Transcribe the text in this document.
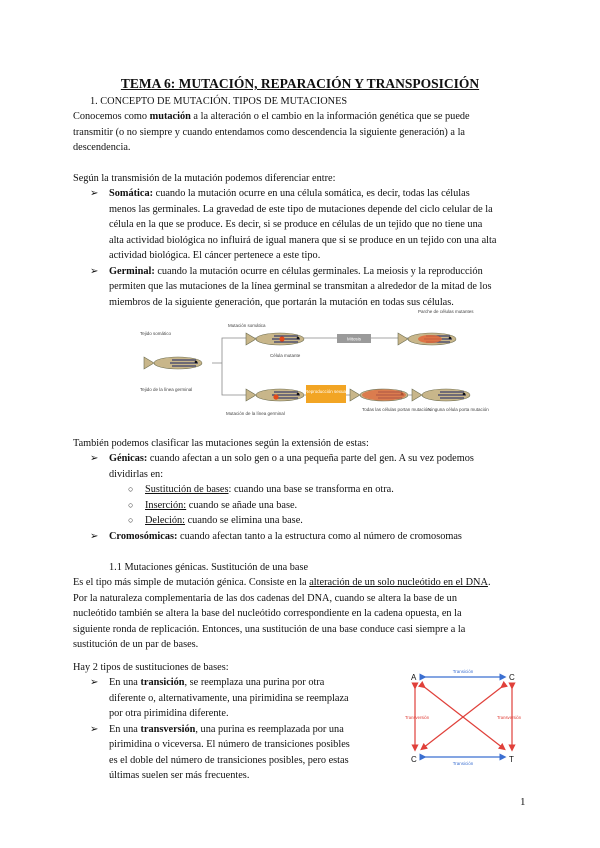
TEMA 6: MUTACIÓN, REPARACIÓN Y TRANSPOSICIÓN
1. CONCEPTO DE MUTACIÓN. TIPOS DE MUTACIONES
Conocemos como mutación a la alteración o el cambio en la información genética que se puede
transmitir (o no siempre y cuando entendamos como descendencia la siguiente generación) a la
descendencia.
Según la transmisión de la mutación podemos diferenciar entre:
➢ Somática: cuando la mutación ocurre en una célula somática, es decir, todas las células
menos las germinales. La gravedad de este tipo de mutaciones depende del ciclo celular de la
célula en la que se produce. Es decir, si se produce en células de un tejido que no tiene una
alta actividad biológica no influirá de igual manera que si se produce en un tejido con una alta
actividad biológica. El cáncer pertenece a este tipo.
➢ Germinal: cuando la mutación ocurre en células germinales. La meiosis y la reproducción
permiten que las mutaciones de la línea germinal se transmitan a alrededor de la mitad de los
miembros de la siguiente generación, que portarán la mutación en todas sus células.
Tejido somático
Tejido de la línea germinal
Mutación somática
Mutación de la línea germinal
Célula mutante
Mitosis
Parche de células mutantes
Reproducción sexual
Todas las células portan mutación
Ninguna célula porta mutación
También podemos clasificar las mutaciones según la extensión de estas:
➢ Génicas: cuando afectan a un solo gen o a una pequeña parte del gen. A su vez podemos
dividirlas en:
○ Sustitución de bases: cuando una base se transforma en otra.
○ Inserción: cuando se añade una base.
○ Deleción: cuando se elimina una base.
➢ Cromosómicas: cuando afectan tanto a la estructura como al número de cromosomas
1.1 Mutaciones génicas. Sustitución de una base
Es el tipo más simple de mutación génica. Consiste en la alteración de un solo nucleótido en el DNA.
Por la naturaleza complementaria de las dos cadenas del DNA, cuando se altera la base de un
nucleótido también se altera la base del nucleótido correspondiente en la cadena opuesta, en la
siguiente ronda de replicación. Entonces, una sustitución de una base conduce casi siempre a la
sustitución de un par de bases.
Hay 2 tipos de sustituciones de bases:
➢ En una transición, se reemplaza una purina por otra
diferente o, alternativamente, una pirimidina se reemplaza
por otra pirimidina diferente.
➢ En una transversión, una purina es reemplazada por una
pirimidina o viceversa. El número de transiciones posibles
es el doble del número de transiciones posibles, pero estas
últimas suelen ser más frecuentes.
A	C
C	T
Transición
Transición
Transversión	Transversión
1
